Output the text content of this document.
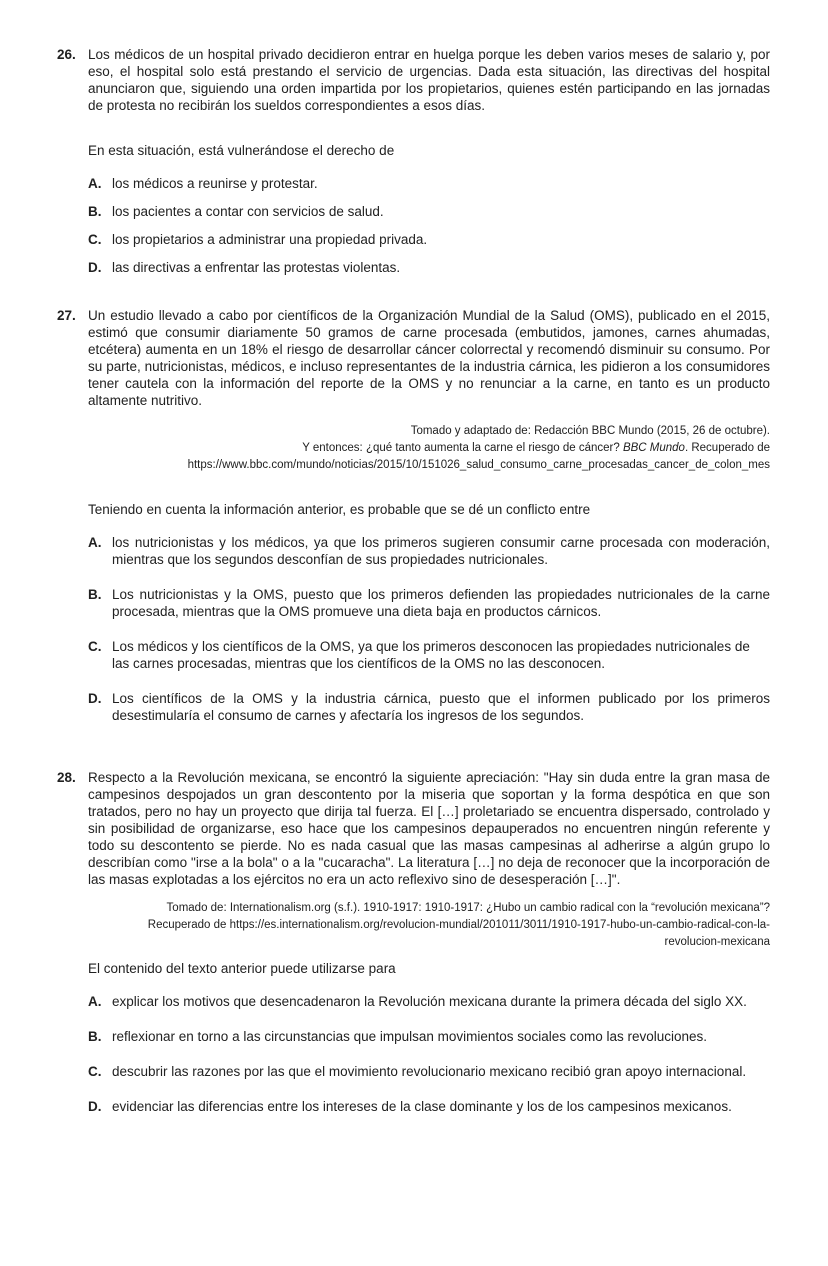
26. Los médicos de un hospital privado decidieron entrar en huelga porque les deben varios meses de salario y, por eso, el hospital solo está prestando el servicio de urgencias. Dada esta situación, las directivas del hospital anunciaron que, siguiendo una orden impartida por los propietarios, quienes estén participando en las jornadas de protesta no recibirán los sueldos correspondientes a esos días.

En esta situación, está vulnerándose el derecho de

A. los médicos a reunirse y protestar.
B. los pacientes a contar con servicios de salud.
C. los propietarios a administrar una propiedad privada.
D. las directivas a enfrentar las protestas violentas.
27. Un estudio llevado a cabo por científicos de la Organización Mundial de la Salud (OMS), publicado en el 2015, estimó que consumir diariamente 50 gramos de carne procesada (embutidos, jamones, carnes ahumadas, etcétera) aumenta en un 18% el riesgo de desarrollar cáncer colorrectal y recomendó disminuir su consumo. Por su parte, nutricionistas, médicos, e incluso representantes de la industria cárnica, les pidieron a los consumidores tener cautela con la información del reporte de la OMS y no renunciar a la carne, en tanto es un producto altamente nutritivo.

Tomado y adaptado de: Redacción BBC Mundo (2015, 26 de octubre).
Y entonces: ¿qué tanto aumenta la carne el riesgo de cáncer? BBC Mundo. Recuperado de
https://www.bbc.com/mundo/noticias/2015/10/151026_salud_consumo_carne_procesadas_cancer_de_colon_mes

Teniendo en cuenta la información anterior, es probable que se dé un conflicto entre

A. los nutricionistas y los médicos, ya que los primeros sugieren consumir carne procesada con moderación, mientras que los segundos desconfían de sus propiedades nutricionales.
B. Los nutricionistas y la OMS, puesto que los primeros defienden las propiedades nutricionales de la carne procesada, mientras que la OMS promueve una dieta baja en productos cárnicos.
C. Los médicos y los científicos de la OMS, ya que los primeros desconocen las propiedades nutricionales de las carnes procesadas, mientras que los científicos de la OMS no las desconocen.
D. Los científicos de la OMS y la industria cárnica, puesto que el informen publicado por los primeros desestimularía el consumo de carnes y afectaría los ingresos de los segundos.
28. Respecto a la Revolución mexicana, se encontró la siguiente apreciación: "Hay sin duda entre la gran masa de campesinos despojados un gran descontento por la miseria que soportan y la forma despótica en que son tratados, pero no hay un proyecto que dirija tal fuerza. El […] proletariado se encuentra dispersado, controlado y sin posibilidad de organizarse, eso hace que los campesinos depauperados no encuentren ningún referente y todo su descontento se pierde. No es nada casual que las masas campesinas al adherirse a algún grupo lo describían como "irse a la bola" o a la "cucaracha". La literatura […] no deja de reconocer que la incorporación de las masas explotadas a los ejércitos no era un acto reflexivo sino de desesperación […]".

Tomado de: Internationalism.org (s.f.). 1910-1917: 1910-1917: ¿Hubo un cambio radical con la “revolución mexicana”?
Recuperado de https://es.internationalism.org/revolucion-mundial/201011/3011/1910-1917-hubo-un-cambio-radical-con-la-
revolucion-mexicana

El contenido del texto anterior puede utilizarse para

A. explicar los motivos que desencadenaron la Revolución mexicana durante la primera década del siglo XX.
B. reflexionar en torno a las circunstancias que impulsan movimientos sociales como las revoluciones.
C. descubrir las razones por las que el movimiento revolucionario mexicano recibió gran apoyo internacional.
D. evidenciar las diferencias entre los intereses de la clase dominante y los de los campesinos mexicanos.
